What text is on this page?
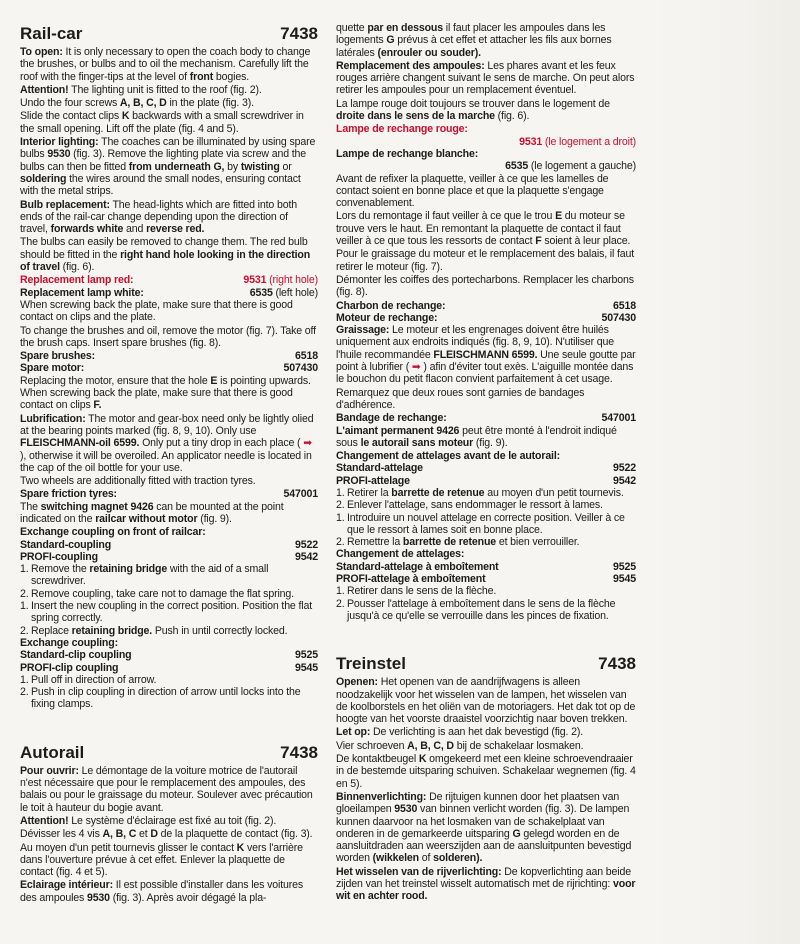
Rail-car	7438

To open: It is only necessary to open the coach body to change the brushes, or bulbs and to oil the mechanism. Carefully lift the roof with the finger-tips at the level of front bogies.

Attention! The lighting unit is fitted to the roof (fig. 2).

Undo the four screws A, B, C, D in the plate (fig. 3).

Slide the contact clips K backwards with a small screwdriver in the small opening. Lift off the plate (fig. 4 and 5).

Interior lighting: The coaches can be illuminated by using spare bulbs 9530 (fig. 3). Remove the lighting plate via screw and the bulbs can then be fitted from underneath G, by twisting or soldering the wires around the small nodes, ensuring contact with the metal strips.

Bulb replacement: The head-lights which are fitted into both ends of the rail-car change depending upon the direction of travel, forwards white and reverse red.

The bulbs can easily be removed to change them. The red bulb should be fitted in the right hand hole looking in the direction of travel (fig. 6).

Replacement lamp red:	9531 (right hole)
Replacement lamp white:	6535 (left hole)

When screwing back the plate, make sure that there is good contact on clips and the plate.

To change the brushes and oil, remove the motor (fig. 7). Take off the brush caps. Insert spare brushes (fig. 8).

Spare brushes:	6518
Spare motor:	507430

Replacing the motor, ensure that the hole E is pointing upwards. When screwing back the plate, make sure that there is good contact on clips F.

Lubrification: The motor and gear-box need only be lightly olied at the bearing points marked (fig. 8, 9, 10). Only use FLEISCHMANN-oil 6599. Only put a tiny drop in each place ( ➡ ), otherwise it will be overoiled. An applicator needle is located in the cap of the oil bottle for your use.

Two wheels are additionally fitted with traction tyres.

Spare friction tyres:	547001

The switching magnet 9426 can be mounted at the point indicated on the railcar without motor (fig. 9).

Exchange coupling on front of railcar:
Standard-coupling	9522
PROFI-coupling	9542
1. Remove the retaining bridge with the aid of a small screwdriver.
2. Remove coupling, take care not to damage the flat spring.
1. Insert the new coupling in the correct position. Position the flat spring correctly.
2. Replace retaining bridge. Push in until correctly locked.
Exchange coupling:
Standard-clip coupling	9525
PROFI-clip coupling	9545
1. Pull off in direction of arrow.
2. Push in clip coupling in direction of arrow until locks into the fixing clamps.
Autorail	7438

Pour ouvrir: Le démontage de la voiture motrice de l'autorail n'est nécessaire que pour le remplacement des ampoules, des balais ou pour le graissage du moteur. Soulever avec précaution le toit à hauteur du bogie avant.

Attention! Le système d'éclairage est fixé au toit (fig. 2).

Dévisser les 4 vis A, B, C et D de la plaquette de contact (fig. 3).

Au moyen d'un petit tournevis glisser le contact K vers l'arrière dans l'ouverture prévue à cet effet. Enlever la plaquette de contact (fig. 4 et 5).

Eclairage intérieur: Il est possible d'installer dans les voitures des ampoules 9530 (fig. 3). Après avoir dégagé la pla-

quette par en dessous il faut placer les ampoules dans les logements G prévus à cet effet et attacher les fils aux bornes latérales (enrouler ou souder).

Remplacement des ampoules: Les phares avant et les feux rouges arrière changent suivant le sens de marche. On peut alors retirer les ampoules pour un remplacement éventuel.

La lampe rouge doit toujours se trouver dans le logement de droite dans le sens de la marche (fig. 6).

Lampe de rechange rouge:
9531 (le logement a droit)
Lampe de rechange blanche:
6535 (le logement a gauche)

Avant de refixer la plaquette, veiller à ce que les lamelles de contact soient en bonne place et que la plaquette s'engage convenablement.

Lors du remontage il faut veiller à ce que le trou E du moteur se trouve vers le haut. En remontant la plaquette de contact il faut veiller à ce que tous les ressorts de contact F soient à leur place.

Pour le graissage du moteur et le remplacement des balais, il faut retirer le moteur (fig. 7).

Démonter les coiffes des portecharbons. Remplacer les charbons (fig. 8).

Charbon de rechange:	6518
Moteur de rechange:	507430

Graissage: Le moteur et les engrenages doivent être huilés uniquement aux endroits indiqués (fig. 8, 9, 10). N'utiliser que l'huile recommandée FLEISCHMANN 6599. Une seule goutte par point à lubrifier ( ➡ ) afin d'éviter tout exès. L'aiguille montée dans le bouchon du petit flacon convient parfaitement à cet usage.

Remarquez que deux roues sont garnies de bandages d'adhérence.

Bandage de rechange:	547001

L'aimant permanent 9426 peut être monté à l'endroit indiqué sous le autorail sans moteur (fig. 9).

Changement de attelages avant de le autorail:
Standard-attelage	9522
PROFI-attelage	9542
1. Retirer la barrette de retenue au moyen d'un petit tournevis.
2. Enlever l'attelage, sans endommager le ressort à lames.
1. Introduire un nouvel attelage en correcte position. Veiller à ce que le ressort à lames soit en bonne place.
2. Remettre la barrette de retenue et bien verrouiller.
Changement de attelages:
Standard-attelage à emboîtement	9525
PROFI-attelage à emboîtement	9545
1. Retirer dans le sens de la flèche.
2. Pousser l'attelage à emboîtement dans le sens de la flèche jusqu'à ce qu'elle se verrouille dans les pinces de fixation.
Treinstel	7438

Openen: Het openen van de aandrijfwagens is alleen noodzakelijk voor het wisselen van de lampen, het wisselen van de koolborstels en het oliën van de motoriagers. Het dak tot op de hoogte van het voorste draaistel voorzichtig naar boven trekken.

Let op: De verlichting is aan het dak bevestigd (fig. 2).

Vier schroeven A, B, C, D bij de schakelaar losmaken.

De kontaktbeugel K omgekeerd met een kleine schroevendraaier in de bestemde uitsparing schuiven. Schakelaar wegnemen (fig. 4 en 5).

Binnenverlichting: De rijtuigen kunnen door het plaatsen van gloeilampen 9530 van binnen verlicht worden (fig. 3). De lampen kunnen daarvoor na het losmaken van de schakelplaat van onderen in de gemarkeerde uitsparing G gelegd worden en de aansluitdraden aan weerszijden aan de aansluitpunten bevestigd worden (wikkelen of solderen).

Het wisselen van de rijverlichting: De kopverlichting aan beide zijden van het treinstel wisselt automatisch met de rijrichting: voor wit en achter rood.
